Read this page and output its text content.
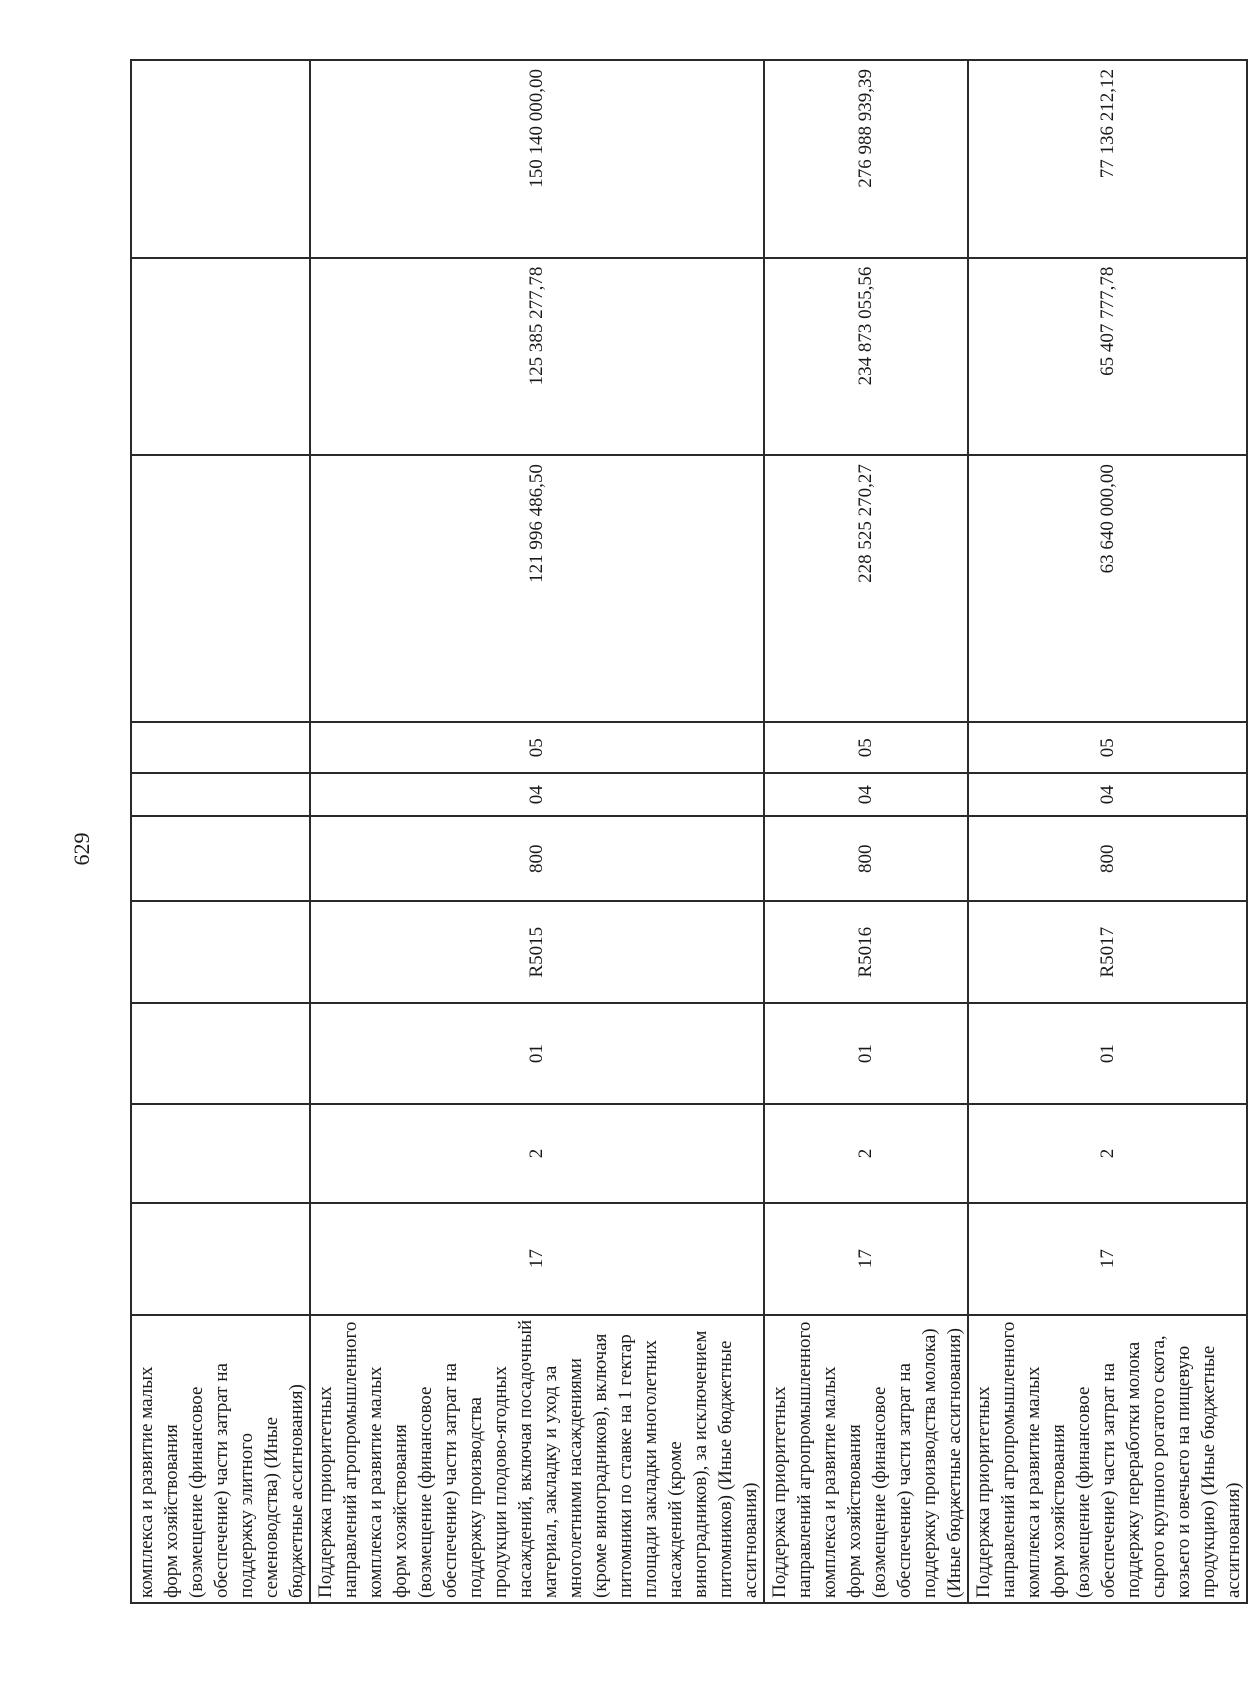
629
комплекса и развитие малых форм хозяйствования (возмещение (финансовое обеспечение) части затрат на поддержку элитного семеноводства) (Иные бюджетные ассигнования)										
Поддержка приоритетных направлений агропромышленного комплекса и развитие малых форм хозяйствования (возмещение (финансовое обеспечение) части затрат на поддержку производства продукции плодово-ягодных насаждений, включая посадочный материал, закладку и уход за многолетними насаждениями (кроме виноградников), включая питомники по ставке на 1 гектар площади закладки многолетних насаждений (кроме виноградников), за исключением питомников) (Иные бюджетные ассигнования)	17	2	01	R5015	800	04	05	121 996 486,50	125 385 277,78	150 140 000,00
Поддержка приоритетных направлений агропромышленного комплекса и развитие малых форм хозяйствования (возмещение (финансовое обеспечение) части затрат на поддержку производства молока) (Иные бюджетные ассигнования)	17	2	01	R5016	800	04	05	228 525 270,27	234 873 055,56	276 988 939,39
Поддержка приоритетных направлений агропромышленного комплекса и развитие малых форм хозяйствования (возмещение (финансовое обеспечение) части затрат на поддержку переработки молока сырого крупного рогатого скота, козьего и овечьего на пищевую продукцию) (Иные бюджетные ассигнования)	17	2	01	R5017	800	04	05	63 640 000,00	65 407 777,78	77 136 212,12
